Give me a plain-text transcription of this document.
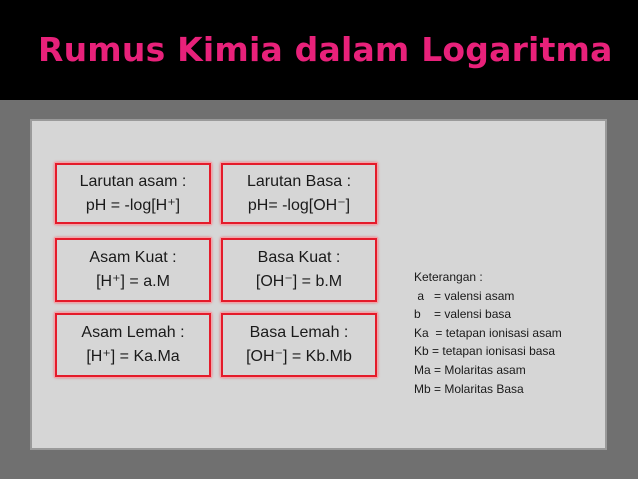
Rumus Kimia dalam Logaritma
Larutan asam :
pH = -log[H⁺]
Larutan Basa :
pH= -log[OH⁻]
Asam Kuat :
[H⁺] = a.M
Basa Kuat :
[OH⁻] = b.M
Asam Lemah :
[H⁺] = Ka.Ma
Basa Lemah :
[OH⁻] = Kb.Mb
Keterangan :
a   = valensi asam
b    = valensi basa
Ka  = tetapan ionisasi asam
Kb = tetapan ionisasi basa
Ma = Molaritas asam
Mb = Molaritas Basa
